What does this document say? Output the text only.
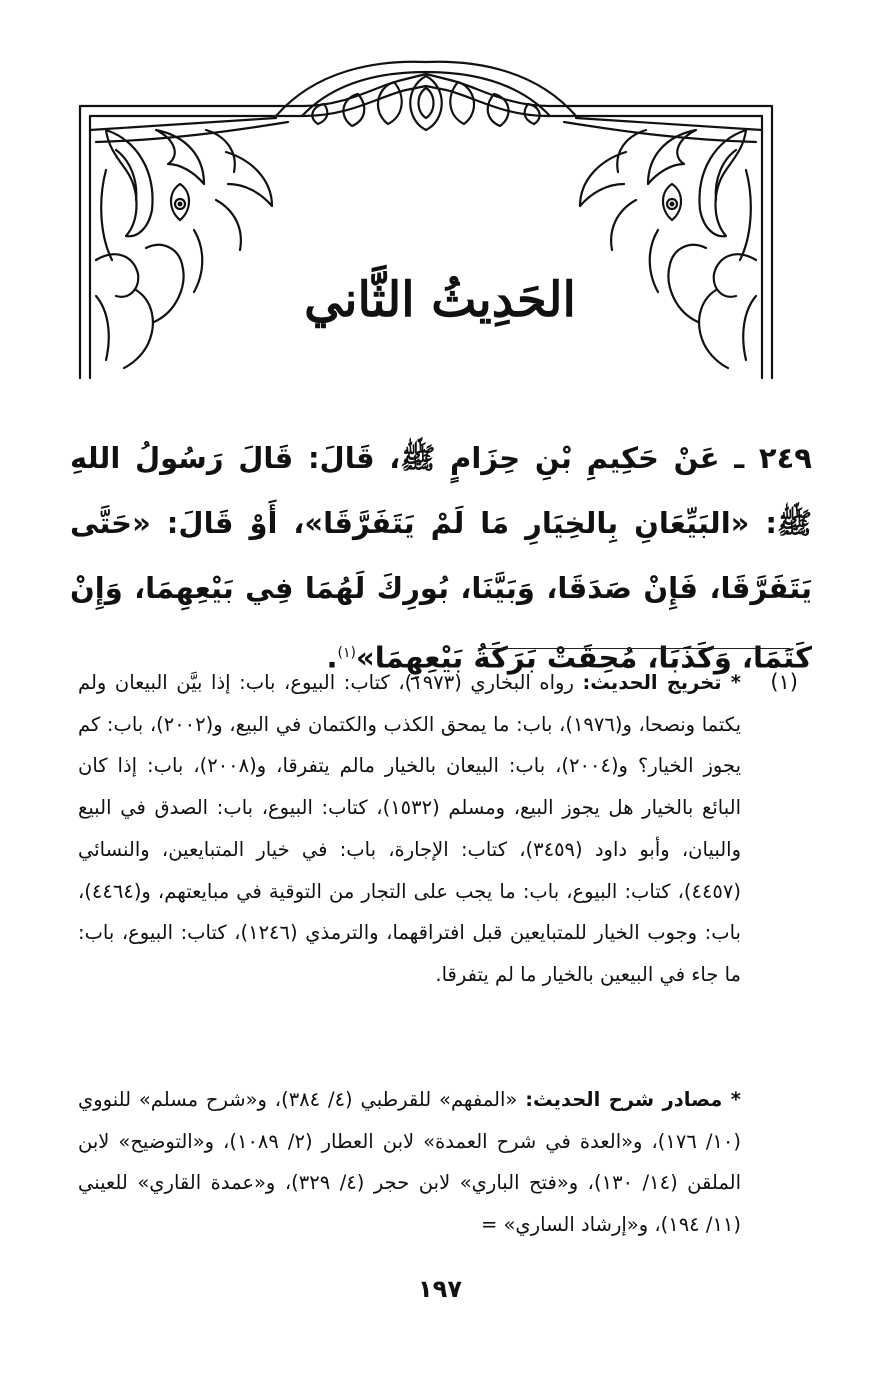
الحَدِيثُ الثَّاني
٢٤٩ ـ عَنْ حَكِيمِ بْنِ حِزَامٍ ﷺ، قَالَ: قَالَ رَسُولُ اللهِ ﷺ: «البَيِّعَانِ بِالخِيَارِ مَا لَمْ يَتَفَرَّقَا»، أَوْ قَالَ: «حَتَّى يَتَفَرَّقَا، فَإِنْ صَدَقَا، وَبَيَّنَا، بُورِكَ لَهُمَا فِي بَيْعِهِمَا، وَإِنْ كَتَمَا، وَكَذَبَا، مُحِقَتْ بَرَكَةُ بَيْعِهِمَا»$^{(١)}$.
(١)
* تخريج الحديث: رواه البخاري (١٩٧٣)، كتاب: البيوع، باب: إذا بيَّن البيعان ولم يكتما ونصحا، و(١٩٧٦)، باب: ما يمحق الكذب والكتمان في البيع، و(٢٠٠٢)، باب: كم يجوز الخيار؟ و(٢٠٠٤)، باب: البيعان بالخيار مالم يتفرقا، و(٢٠٠٨)، باب: إذا كان البائع بالخيار هل يجوز البيع، ومسلم (١٥٣٢)، كتاب: البيوع، باب: الصدق في البيع والبيان، وأبو داود (٣٤٥٩)، كتاب: الإجارة، باب: في خيار المتبايعين، والنسائي (٤٤٥٧)، كتاب: البيوع، باب: ما يجب على التجار من التوقية في مبايعتهم، و(٤٤٦٤)، باب: وجوب الخيار للمتبايعين قبل افتراقهما، والترمذي (١٢٤٦)، كتاب: البيوع، باب: ما جاء في البيعين بالخيار ما لم يتفرقا.
* مصادر شرح الحديث: «المفهم» للقرطبي (٤/ ٣٨٤)، و«شرح مسلم» للنووي (١٠/ ١٧٦)، و«العدة في شرح العمدة» لابن العطار (٢/ ١٠٨٩)، و«التوضيح» لابن الملقن (١٤/ ١٣٠)، و«فتح الباري» لابن حجر (٤/ ٣٢٩)، و«عمدة القاري» للعيني (١١/ ١٩٤)، و«إرشاد الساري» =
١٩٧
